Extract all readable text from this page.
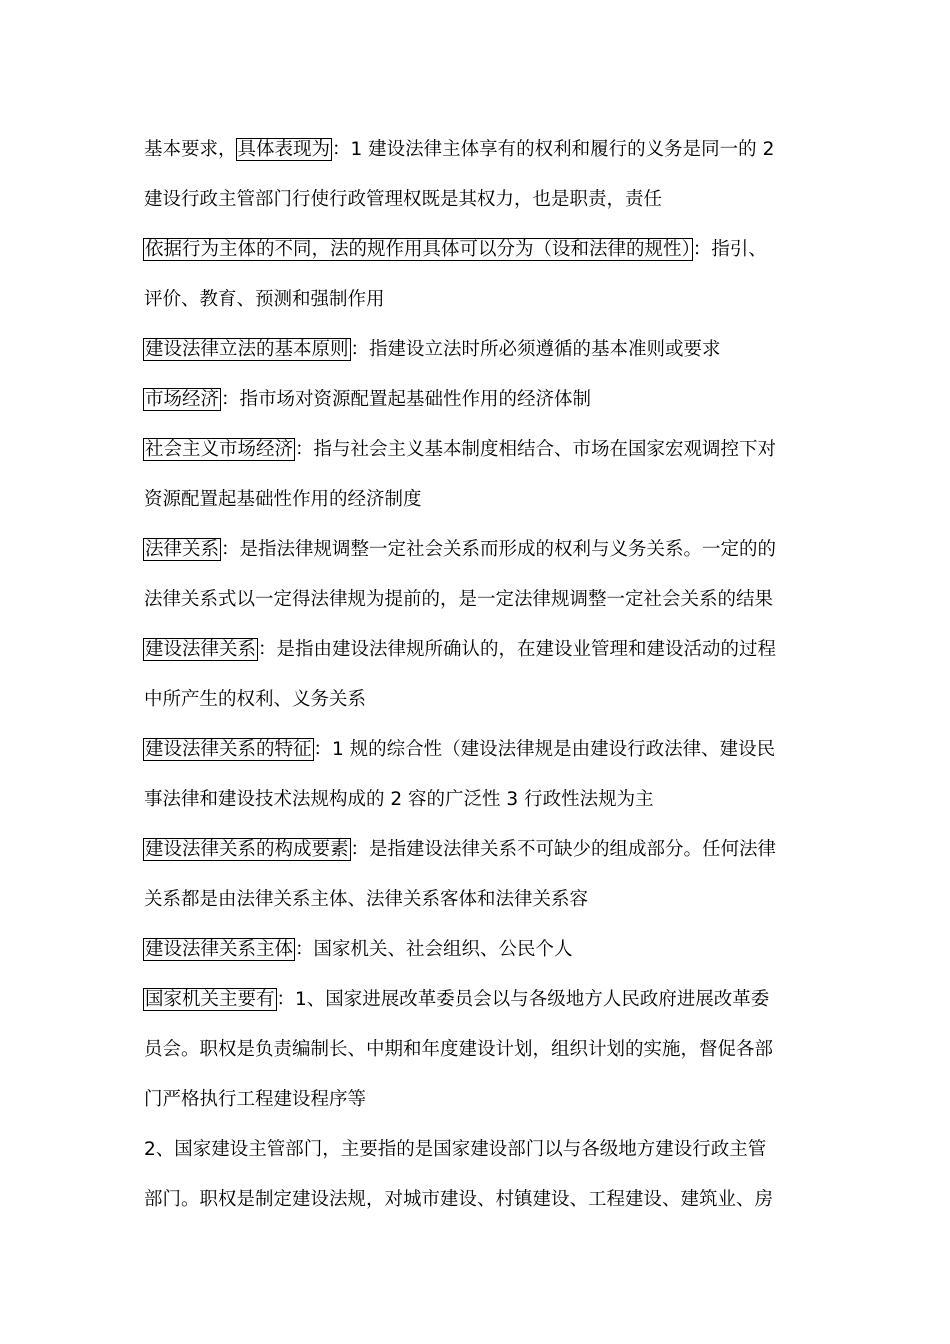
基本要求，具体表现为 ：1 建设法律主体享有的权利和履行的义务是同一的 2
建设行政主管部门行使行政管理权既是其权力，也是职责，责任
依据行为主体的不同，法的规作用具体可以分为（设和法律的规性） ：指引、
评价、教育、预测和强制作用
建设法律立法的基本原则 ：指建设立法时所必须遵循的基本准则或要求
市场经济 ：指市场对资源配置起基础性作用的经济体制
社会主义市场经济 ：指与社会主义基本制度相结合、市场在国家宏观调控下对
资源配置起基础性作用的经济制度
法律关系 ：是指法律规调整一定社会关系而形成的权利与义务关系。一定的的
法律关系式以一定得法律规为提前的，是一定法律规调整一定社会关系的结果
建设法律关系 ：是指由建设法律规所确认的，在建设业管理和建设活动的过程
中所产生的权利、义务关系
建设法律关系的特征 ：1 规的综合性（建设法律规是由建设行政法律、建设民
事法律和建设技术法规构成的 2 容的广泛性 3 行政性法规为主
建设法律关系的构成要素 ：是指建设法律关系不可缺少的组成部分。任何法律
关系都是由法律关系主体、法律关系客体和法律关系容
建设法律关系主体 ：国家机关、社会组织、公民个人
国家机关主要有 ：1、国家进展改革委员会以与各级地方人民政府进展改革委
员会。职权是负责编制长、中期和年度建设计划，组织计划的实施，督促各部
门严格执行工程建设程序等
2、国家建设主管部门，主要指的是国家建设部门以与各级地方建设行政主管
部门。职权是制定建设法规，对城市建设、村镇建设、工程建设、建筑业、房
